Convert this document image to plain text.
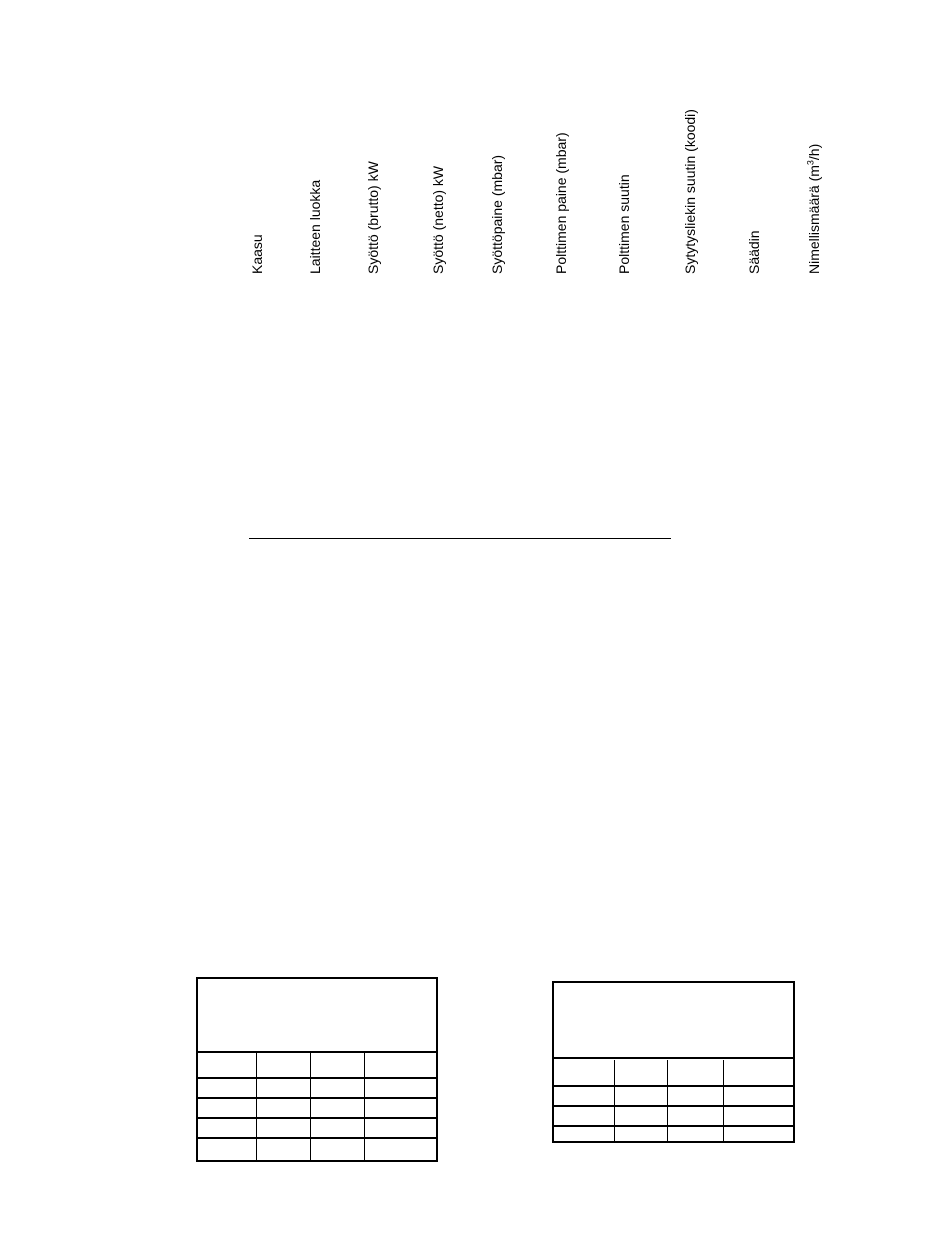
Kaasu	Laitteen luokka	Syöttö (brutto) kW	Syöttö (netto) kW	Syöttöpaine (mbar)	Polttimen paine (mbar)	Polttimen suutin	Sytytysliekin suutin (koodi)	Säädin	Nimellismäärä $(m^3/h)$
